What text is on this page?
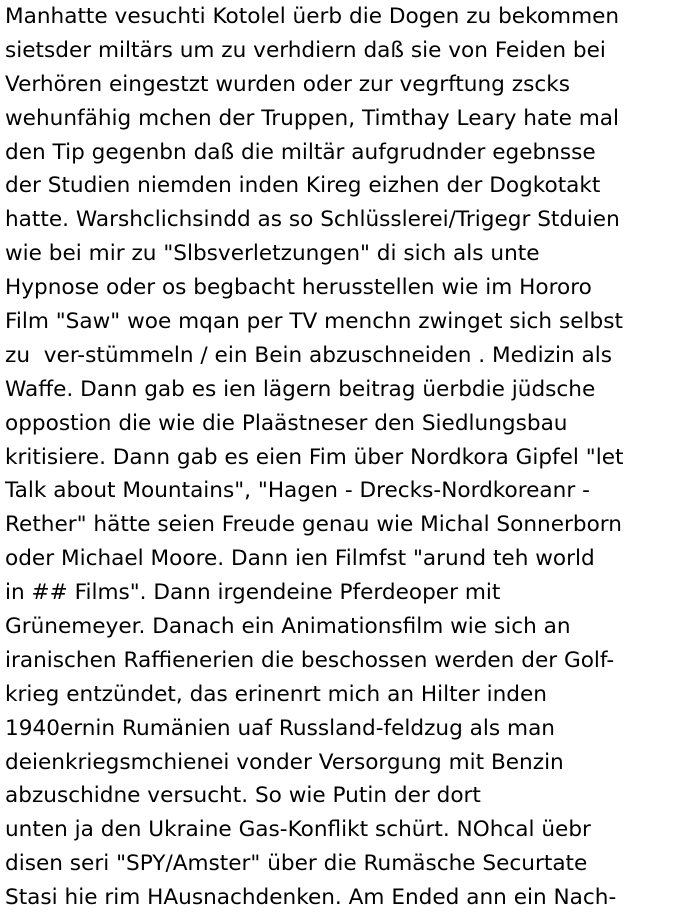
Manhatte vesuchti Kotolel üerb die Dogen zu bekommen
sietsder miltärs um zu verhdiern daß sie von Feiden bei
Verhören eingestzt wurden oder zur vegrftung zscks
wehunfähig mchen der Truppen, Timthay Leary hate mal
den Tip gegenbn daß die miltär aufgrudnder egebnsse
der Studien niemden inden Kireg eizhen der Dogkotakt
hatte. Warshclichsindd as so Schlüsslerei/Trigegr Stduien
wie bei mir zu "Slbsverletzungen" di sich als unte
Hypnose oder os begbacht herusstellen wie im Hororo
Film "Saw" woe mqan per TV menchn zwinget sich selbst
zu  ver-stümmeln / ein Bein abzuschneiden . Medizin als
Waffe. Dann gab es ien lägern beitrag üerbdie jüdsche
oppostion die wie die Plaästneser den Siedlungsbau
kritisiere. Dann gab es eien Fim über Nordkora Gipfel "let
Talk about Mountains", "Hagen - Drecks-Nordkoreanr -
Rether" hätte seien Freude genau wie Michal Sonnerborn
oder Michael Moore. Dann ien Filmfst "arund teh world
in ## Films". Dann irgendeine Pferdeoper mit
Grünemeyer. Danach ein Animationsfilm wie sich an
iranischen Raffienerien die beschossen werden der Golf-
krieg entzündet, das erinenrt mich an Hilter inden
1940ernin Rumänien uaf Russland-feldzug als man
deienkriegsmchienei vonder Versorgung mit Benzin
abzuschidne versucht. So wie Putin der dort
unten ja den Ukraine Gas-Konflikt schürt. NOhcal üebr
disen seri "SPY/Amster" über die Rumäsche Securtate
Stasi hie rim HAusnachdenken. Am Ended ann ein Nach-
